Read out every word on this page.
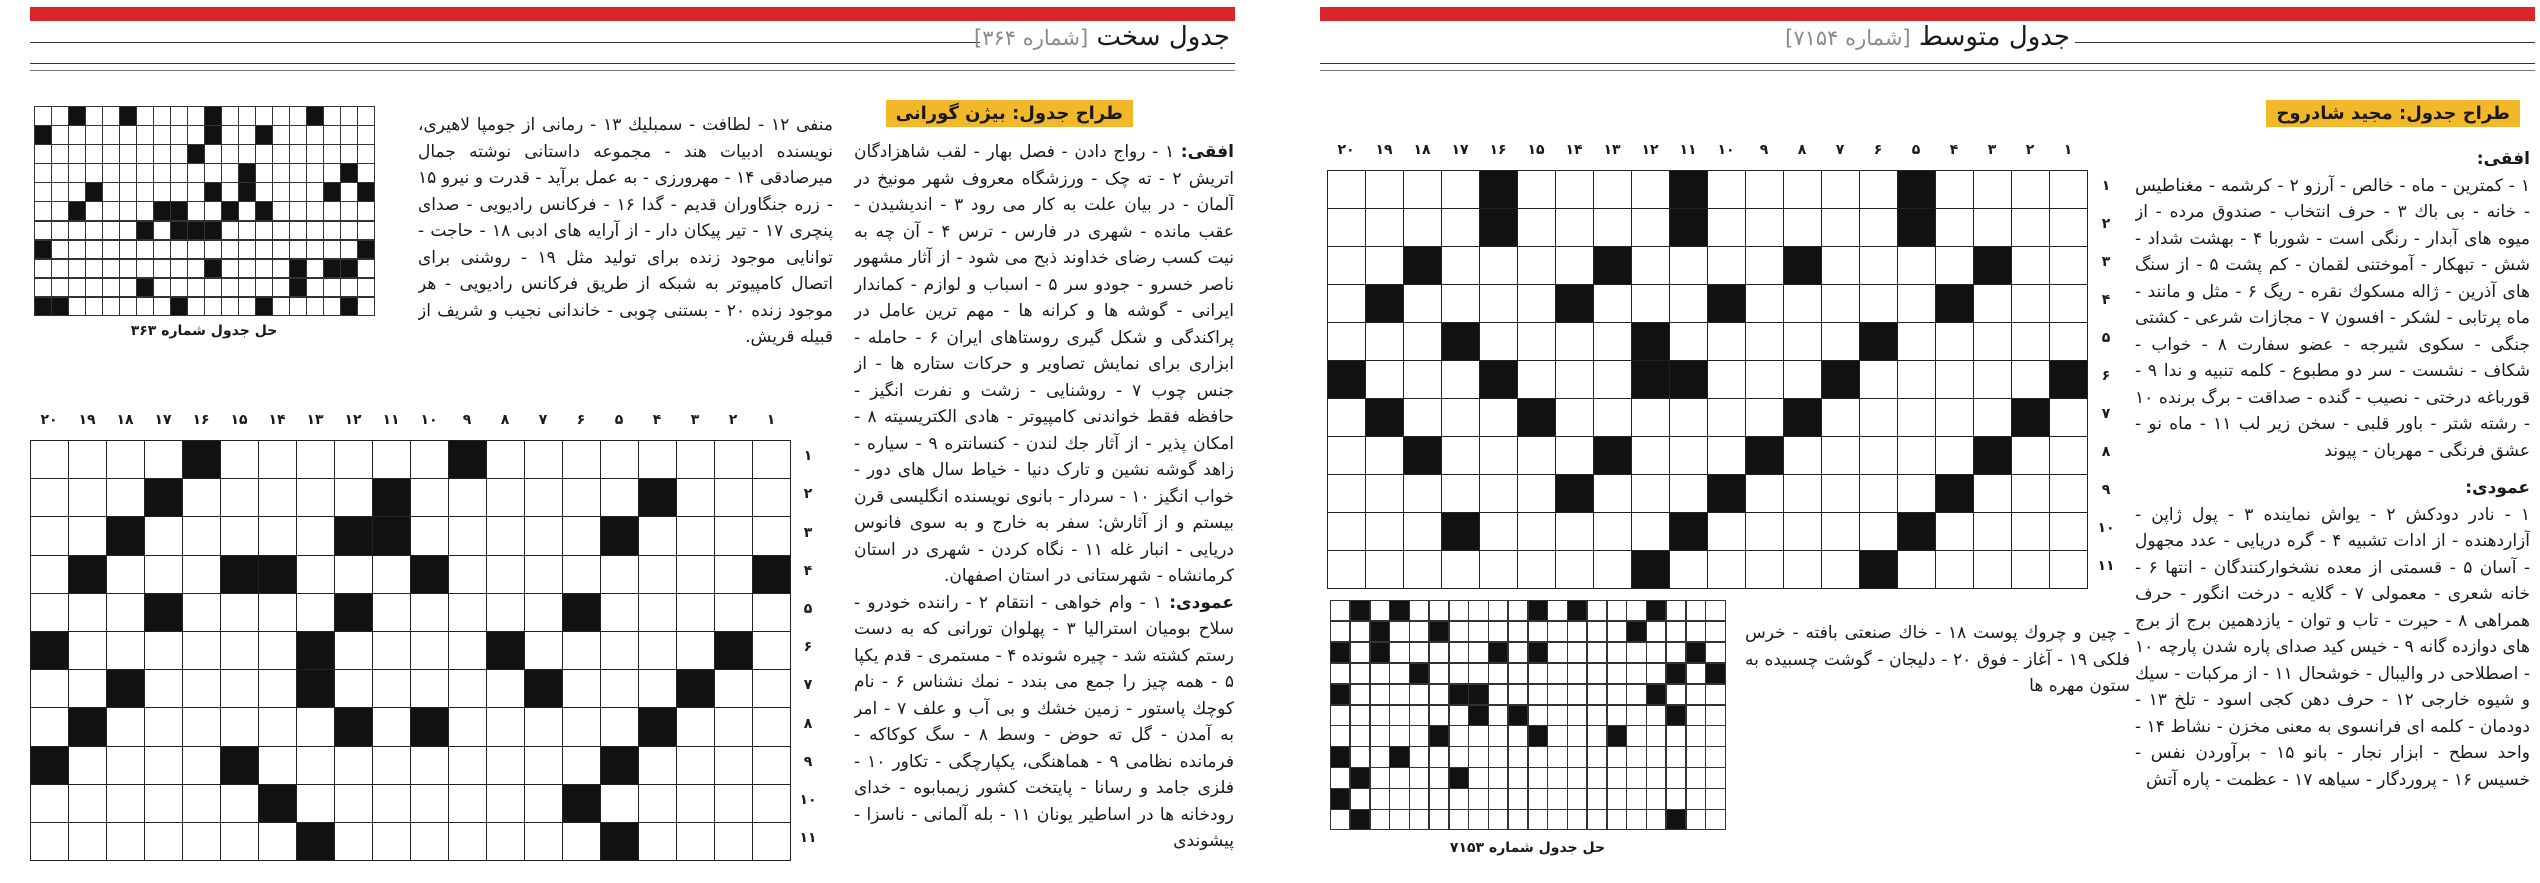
جدول سخت [شماره ۳۶۴]
طراح جدول: بیژن گورانی

افقی: ۱ - رواج دادن - فصل بهار - لقب شاهزادگان اتریش ۲ - ته چک - ورزشگاه معروف شهر مونیخ در آلمان - در بیان علت به کار می رود ۳ - اندیشیدن - عقب مانده - شهری در فارس - ترس ۴ - آن چه به نیت کسب رضای خداوند ذبح می شود - از آثار مشهور ناصر خسرو - جودو سر ۵ - اسباب و لوازم - کماندار ایرانی - گوشه ها و کرانه ها - مهم ترین عامل در پراکندگی و شکل گیری روستاهای ایران ۶ - حامله - ابزاری برای نمایش تصاویر و حرکات ستاره ها - از جنس چوب ۷ - روشنایی - زشت و نفرت انگیز - حافظه فقط خواندنی کامپیوتر - هادی الکتریسیته ۸ - امکان پذیر - از آثار جك لندن - کنسانتره ۹ - سیاره - زاهد گوشه نشین و تارک دنیا - خیاط سال های دور - خواب انگیز ۱۰ - سردار - بانوی نویسنده انگلیسی قرن بیستم و از آثارش: سفر به خارج و به سوی فانوس دریایی - انبار غله ۱۱ - نگاه کردن - شهری در استان کرمانشاه - شهرستانی در استان اصفهان.

عمودی: ۱ - وام خواهی - انتقام ۲ - راننده خودرو - سلاح بومیان استرالیا ۳ - پهلوان تورانی که به دست رستم کشته شد - چیره شونده ۴ - مستمری - قدم یکپا ۵ - همه چیز را جمع می بندد - نمك نشناس ۶ - نام کوچك پاستور - زمین خشك و بی آب و علف ۷ - امر به آمدن - گل ته حوض - وسط ۸ - سگ کوکاکه - فرمانده نظامی ۹ - هماهنگی، یکپارچگی - تکاور ۱۰ - فلزی جامد و رسانا - پایتخت کشور زیمبابوه - خدای رودخانه ها در اساطیر یونان ۱۱ - بله آلمانی - ناسزا - پیشوندی

منفی ۱۲ - لطافت - سمبلیك ۱۳ - رمانی از جومپا لاهیری، نویسنده ادبیات هند - مجموعه داستانی نوشته جمال میرصادقی ۱۴ - مهرورزی - به عمل برآید - قدرت و نیرو ۱۵ - زره جنگاوران قدیم - گدا ۱۶ - فرکانس رادیویی - صدای پنچری ۱۷ - تیر پیکان دار - از آرایه های ادبی ۱۸ - حاجت - توانایی موجود زنده برای تولید مثل ۱۹ - روشنی برای اتصال کامپیوتر به شبکه از طریق فرکانس رادیویی - هر موجود زنده ۲۰ - بستنی چوبی - خاندانی نجیب و شریف از قبیله قریش.
حل جدول شماره ۳۶۳
۱
۲
۳
۴
۵
۶
۷
۸
۹
۱۰
۱۱
۱۲
۱۳
۱۴
۱۵
۱۶
۱۷
۱۸
۱۹
۲۰
۱
۲
۳
۴
۵
۶
۷
۸
۹
۱۰
۱۱
جدول متوسط [شماره ۷۱۵۴]
طراح جدول: مجید شادروح

افقی:

۱ - کمترین - ماه - خالص - آرزو ۲ - کرشمه - مغناطیس - خانه - بی باك ۳ - حرف انتخاب - صندوق مرده - از میوه های آبدار - رنگی است - شوربا ۴ - بهشت شداد - شش - تبهکار - آموختنی لقمان - کم پشت ۵ - از سنگ های آذرین - ژاله مسکوك نقره - ریگ ۶ - مثل و مانند - ماه پرتابی - لشکر - افسون ۷ - مجازات شرعی - کشتی جنگی - سکوی شیرجه - عضو سفارت ۸ - خواب - شکاف - نشست - سر دو مطبوع - کلمه تنبیه و ندا ۹ - قورباغه درختی - نصیب - گنده - صداقت - برگ برنده ۱۰ - رشته شتر - باور قلبی - سخن زیر لب ۱۱ - ماه نو - عشق فرنگی - مهربان - پیوند

عمودی:

۱ - نادر دودکش ۲ - یواش نماینده ۳ - پول ژاپن - آزاردهنده - از ادات تشبیه ۴ - گره دریایی - عدد مجهول - آسان ۵ - قسمتی از معده نشخوارکنندگان - انتها ۶ - خانه شعری - معمولی ۷ - گلایه - درخت انگور - حرف همراهی ۸ - حیرت - تاب و توان - یازدهمین برج از برج های دوازده گانه ۹ - خیس کید صدای پاره شدن پارچه ۱۰ - اصطلاحی در والیبال - خوشحال ۱۱ - از مرکبات - سیك و شیوه خارجی ۱۲ - حرف دهن کجی اسود - تلخ ۱۳ - دودمان - کلمه ای فرانسوی به معنی مخزن - نشاط ۱۴ - واحد سطح - ابزار نجار - بانو ۱۵ - برآوردن نفس - خسیس ۱۶ - پروردگار - سیاهه ۱۷ - عظمت - پاره آتش

۱
۲
۳
۴
۵
۶
۷
۸
۹
۱۰
۱۱
۱۲
۱۳
۱۴
۱۵
۱۶
۱۷
۱۸
۱۹
۲۰
۱
۲
۳
۴
۵
۶
۷
۸
۹
۱۰
۱۱
- چین و چروك پوست ۱۸ - خاك صنعتی بافته - خرس فلکی ۱۹ - آغاز - فوق ۲۰ - دلیجان - گوشت چسبیده به ستون مهره ها
حل جدول شماره ۷۱۵۳
